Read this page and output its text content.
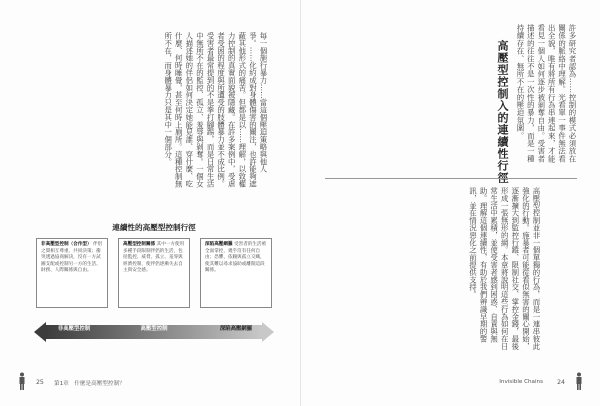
每一個施行暴力……當這個壓迫策略與他人爭。……化約成對身體傷害的關注，也許能夠遮蔽其他形式的痛苦。但都是以……理解，以致權力控制的真實面貌被隱藏。在許多案例中，受虐者受困的程度與所遭受的肢體暴力並不成比例。受害者最常提到的不是拳打腳踢，而是日常生活中無所不在的監控、孤立、羞辱與剝奪。一個女人描述她的伴侶如何決定她能見誰、穿什麼、吃什麼、何時睡覺，甚至何時上廁所。這種控制無所不在，而身體暴力只是其中一個部分。
連續性的高壓型控制行徑
非高壓型控制（合作型） 伴侶之間相互尊重、共同決策；衝突透過協商解決，沒有一方試圖支配或控制另一方的生活、財務、人際關係與自由。
高壓型控制關係 其中一方使用多種手段限制伴侶的生活，包括監控、威脅、孤立、羞辱與經濟控制，使伴侶逐漸失去自主與安全感。
深陷高壓網羅 受害者的生活被全面掌控，幾乎沒有任何自由；恐懼、依賴與孤立交織，使其難以尋求協助或離開這段關係。
非高壓型控制	高壓型控制	深陷高壓網羅
25 第1章　什麼是高壓型控制？
許多研究者認為……控制的模式必須放在關係的脈絡中理解。光看單一事件無法看出全貌，唯有將所有行為串連起來，才能看見一個人如何逐步被剝奪自由。受害者描述的往往不是一次性的暴力，而是一種持續存在、無所不在的壓迫氛圍。
高壓型控制入的連續性行徑
高壓型控制並非一個單獨的行為，而是一連串彼此強化的行動。施暴者可能從看似無害的關心開始，逐漸擴大到監控行蹤、限制社交、掌控金錢，最後形成一張無形的網。本章將說明這些行為如何在日常生活中累積，並使受害者感到困惑、自責與無助。理解這個連續性，有助於我們辨識早期的警訊，並在情況惡化之前提供支持。
Invisible Chains 24
